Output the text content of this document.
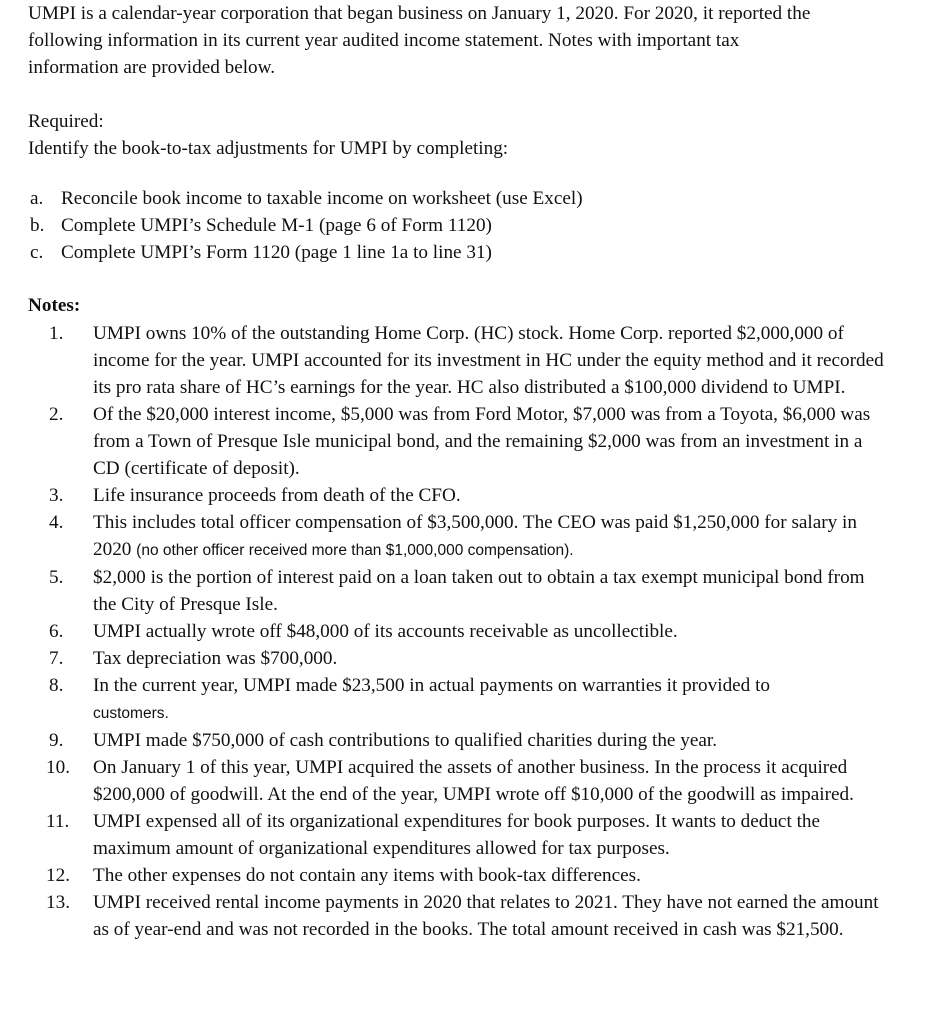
UMPI is a calendar-year corporation that began business on January 1, 2020. For 2020, it reported the following information in its current year audited income statement. Notes with important tax information are provided below.

Required:
Identify the book-to-tax adjustments for UMPI by completing:
a. Reconcile book income to taxable income on worksheet (use Excel)
b. Complete UMPI’s Schedule M-1 (page 6 of Form 1120)
c. Complete UMPI’s Form 1120 (page 1 line 1a to line 31)
Notes:
1.	UMPI owns 10% of the outstanding Home Corp. (HC) stock. Home Corp. reported $2,000,000 of income for the year. UMPI accounted for its investment in HC under the equity method and it recorded its pro rata share of HC’s earnings for the year. HC also distributed a $100,000 dividend to UMPI.
2.	Of the $20,000 interest income, $5,000 was from Ford Motor, $7,000 was from a Toyota, $6,000 was from a Town of Presque Isle municipal bond, and the remaining $2,000 was from an investment in a CD (certificate of deposit).
3.	Life insurance proceeds from death of the CFO.
4.	This includes total officer compensation of $3,500,000. The CEO was paid $1,250,000 for salary in 2020 (no other officer received more than $1,000,000 compensation).
5.	$2,000 is the portion of interest paid on a loan taken out to obtain a tax exempt municipal bond from the City of Presque Isle.
6.	UMPI actually wrote off $48,000 of its accounts receivable as uncollectible.
7.	Tax depreciation was $700,000.
8.	In the current year, UMPI made $23,500 in actual payments on warranties it provided to
customers.
9.	UMPI made $750,000 of cash contributions to qualified charities during the year.
10.	On January 1 of this year, UMPI acquired the assets of another business. In the process it acquired $200,000 of goodwill. At the end of the year, UMPI wrote off $10,000 of the goodwill as impaired.
11.	UMPI expensed all of its organizational expenditures for book purposes. It wants to deduct the maximum amount of organizational expenditures allowed for tax purposes.
12.	The other expenses do not contain any items with book-tax differences.
13.	UMPI received rental income payments in 2020 that relates to 2021. They have not earned the amount as of year-end and was not recorded in the books. The total amount received in cash was $21,500.
